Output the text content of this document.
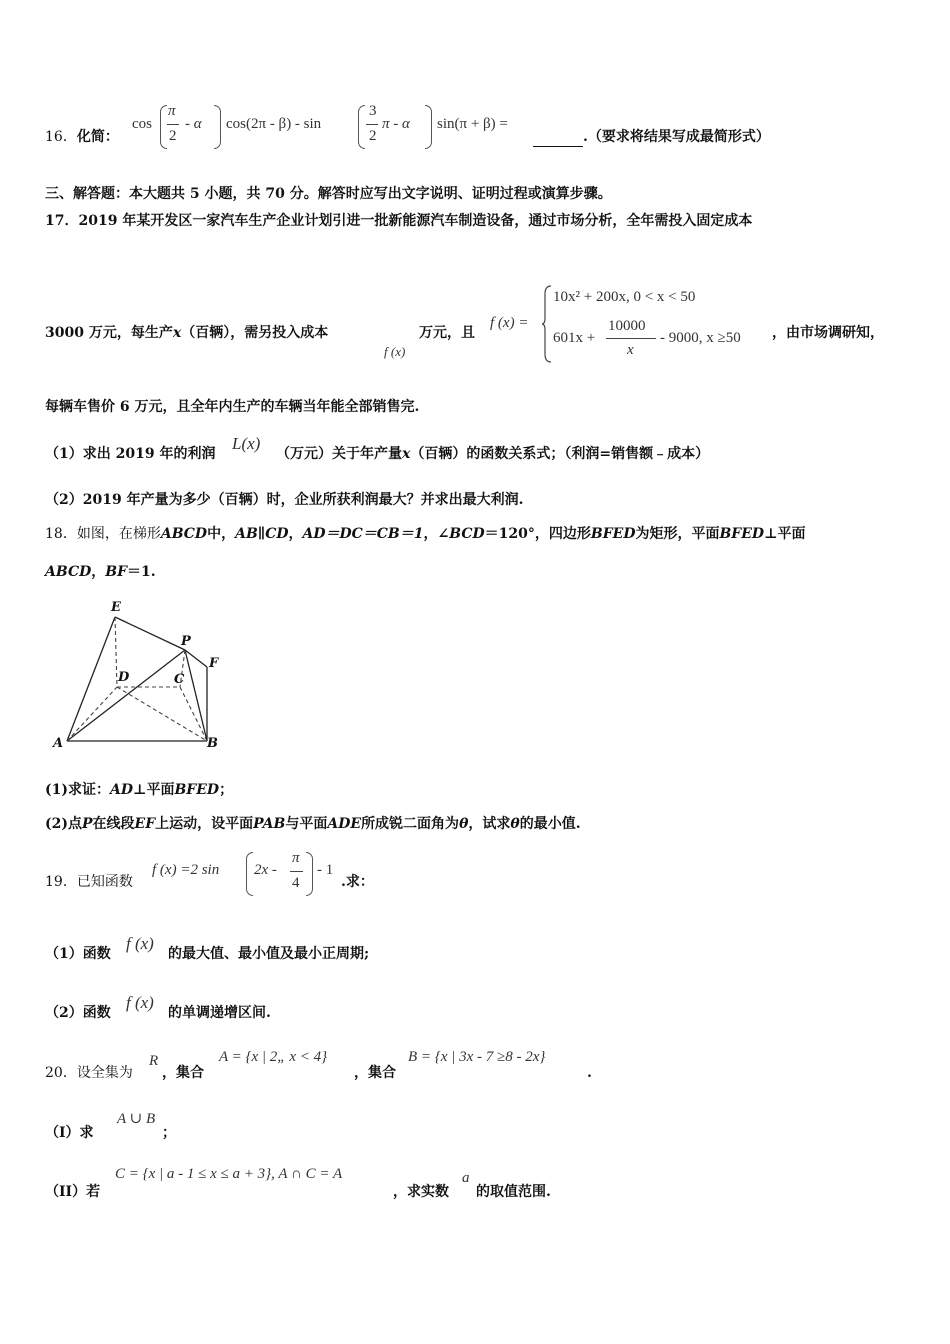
16．化简：
cos
π
2
- α cos(2π - β) - sin
3
2
π - α sin(π + β) =
.（要求将结果写成最简形式）
三、解答题：本大题共 5 小题，共 70 分。解答时应写出文字说明、证明过程或演算步骤。
17．2019 年某开发区一家汽车生产企业计划引进一批新能源汽车制造设备，通过市场分析，全年需投入固定成本
3000 万元，每生产x（百辆），需另投入成本
f (x)
万元，且
f (x) =
10x² + 200x, 0 < x < 50
601x +
10000
x
- 9000, x ≥50 ，由市场调研知，
每辆车售价 6 万元，且全年内生产的车辆当年能全部销售完.
（1）求出 2019 年的利润
L(x)
（万元）关于年产量x（百辆）的函数关系式；（利润=销售额﹣成本）
（2）2019 年产量为多少（百辆）时，企业所获利润最大？并求出最大利润.
18．如图，在梯形ABCD中，AB∥CD，AD＝DC＝CB＝1，∠BCD＝120°，四边形BFED为矩形，平面BFED⊥平面
ABCD，BF＝1.
E
P
F
D	C
A	B
(1)求证：AD⊥平面BFED；
(2)点P在线段EF上运动，设平面PAB与平面ADE所成锐二面角为θ，试求θ的最小值.
19．已知函数
f (x) =2 sin 2x -
π
4
- 1
.求：
（1）函数
f (x)
的最大值、最小值及最小正周期;
（2）函数
f (x)
的单调递增区间.
20．设全集为
R
，集合
A = {x | 2„ x < 4}
，集合
B = {x | 3x - 7 ≥8 - 2x}
.
（I）求
A ∪ B
；
（II）若
C = {x | a - 1 ≤ x ≤ a + 3}, A ∩ C = A
，求实数
a
的取值范围.
